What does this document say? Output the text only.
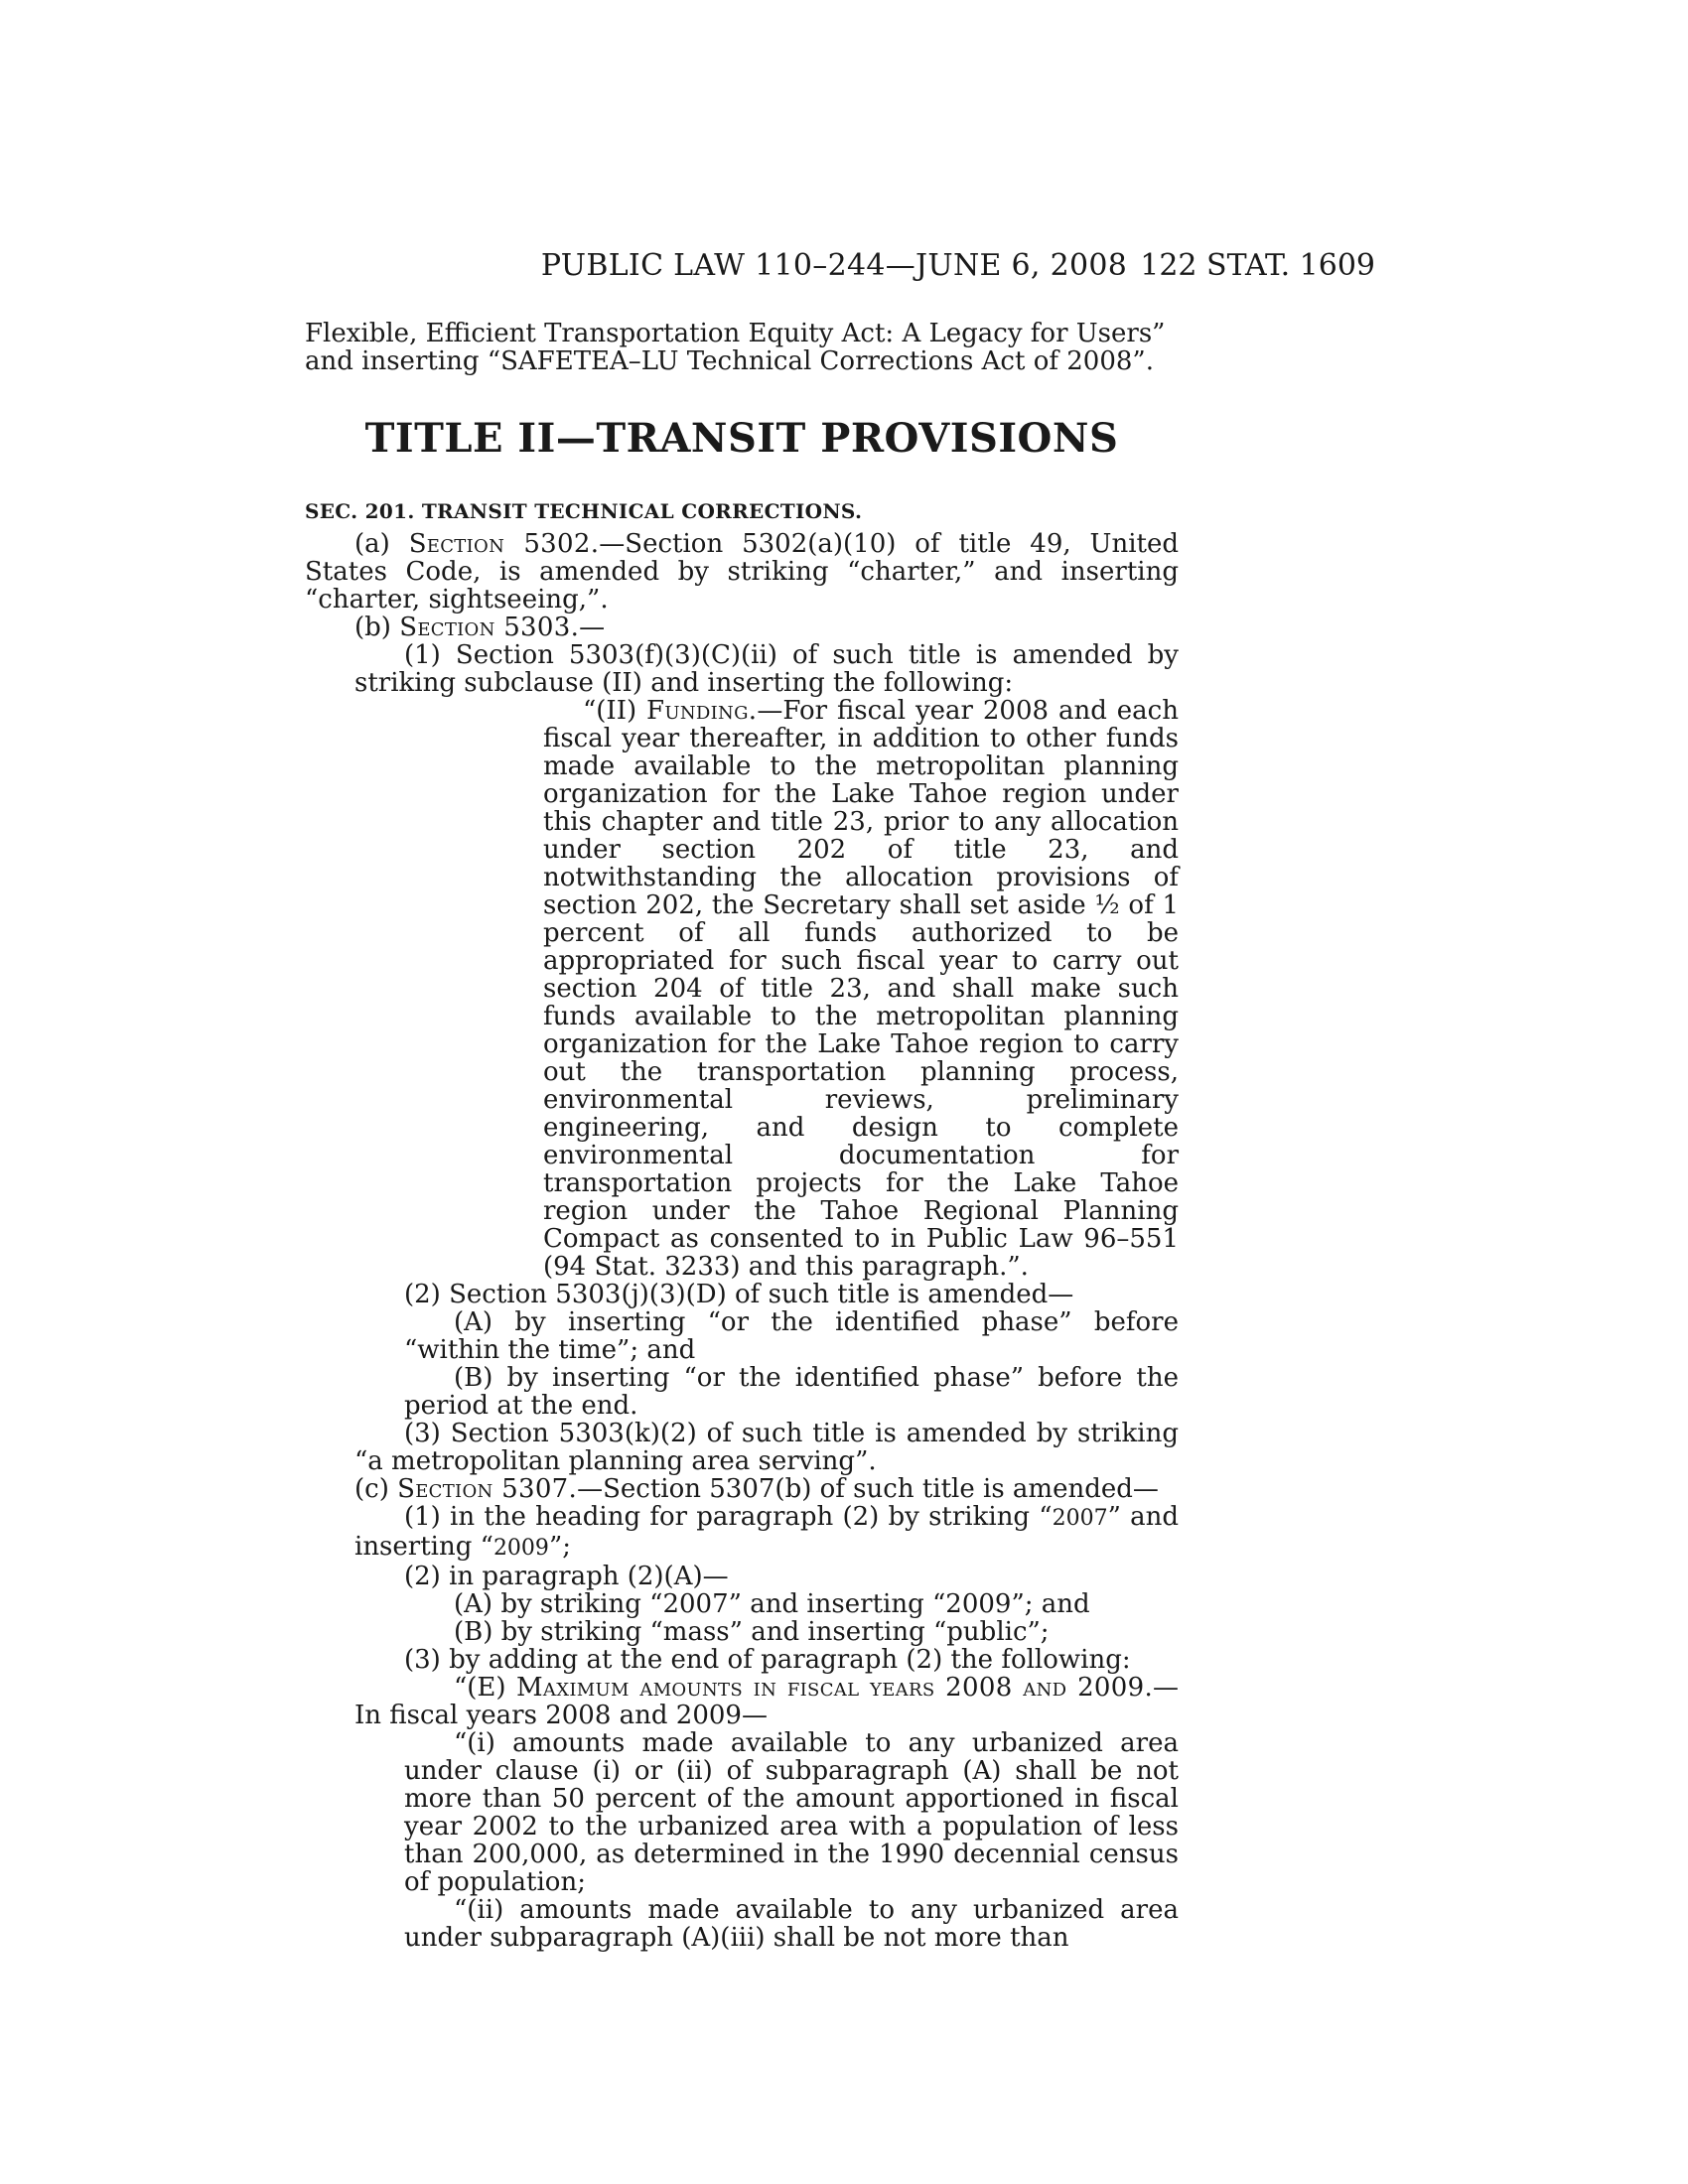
PUBLIC LAW 110–244—JUNE 6, 2008 122 STAT. 1609

Flexible, Efficient Transportation Equity Act: A Legacy for Users”

and inserting “SAFETEA–LU Technical Corrections Act of 2008”.

TITLE II—TRANSIT PROVISIONS
SEC. 201. TRANSIT TECHNICAL CORRECTIONS.

(a) Section 5302.—Section 5302(a)(10) of title 49, United States Code, is amended by striking “charter,” and inserting “charter, sightseeing,”.

(b) Section 5303.—

(1) Section 5303(f)(3)(C)(ii) of such title is amended by striking subclause (II) and inserting the following:

“(II) Funding.—For fiscal year 2008 and each fiscal year thereafter, in addition to other funds made available to the metropolitan planning organization for the Lake Tahoe region under this chapter and title 23, prior to any allocation under section 202 of title 23, and notwithstanding the allocation provisions of section 202, the Secretary shall set aside ½ of 1 percent of all funds authorized to be appropriated for such fiscal year to carry out section 204 of title 23, and shall make such funds available to the metropolitan planning organization for the Lake Tahoe region to carry out the transportation planning process, environmental reviews, preliminary engineering, and design to complete environmental documentation for transportation projects for the Lake Tahoe region under the Tahoe Regional Planning Compact as consented to in Public Law 96–551 (94 Stat. 3233) and this paragraph.”.

(2) Section 5303(j)(3)(D) of such title is amended—

(A) by inserting “or the identified phase” before “within the time”; and

(B) by inserting “or the identified phase” before the period at the end.

(3) Section 5303(k)(2) of such title is amended by striking “a metropolitan planning area serving”.

(c) Section 5307.—Section 5307(b) of such title is amended—

(1) in the heading for paragraph (2) by striking “2007” and inserting “2009”;

(2) in paragraph (2)(A)—

(A) by striking “2007” and inserting “2009”; and

(B) by striking “mass” and inserting “public”;

(3) by adding at the end of paragraph (2) the following:

“(E) Maximum amounts in fiscal years 2008 and 2009.—In fiscal years 2008 and 2009—

“(i) amounts made available to any urbanized area under clause (i) or (ii) of subparagraph (A) shall be not more than 50 percent of the amount apportioned in fiscal year 2002 to the urbanized area with a population of less than 200,000, as determined in the 1990 decennial census of population;

“(ii) amounts made available to any urbanized area under subparagraph (A)(iii) shall be not more than
